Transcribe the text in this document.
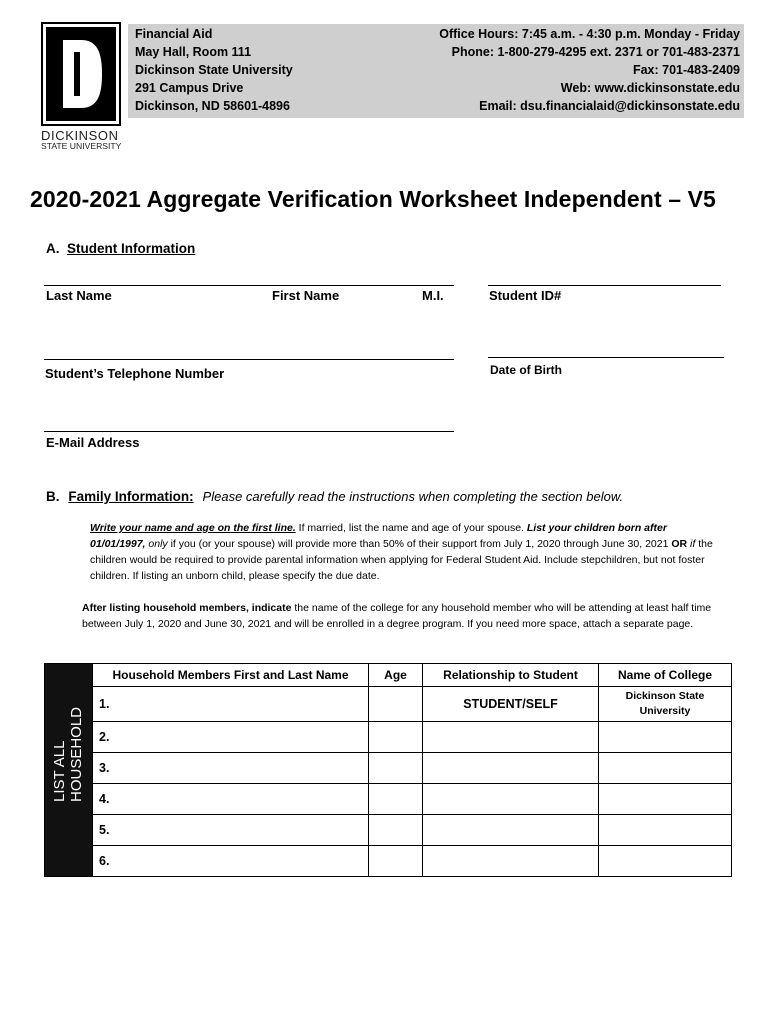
DICKINSON
STATE UNIVERSITY
Financial Aid
May Hall, Room 111
Dickinson State University
291 Campus Drive
Dickinson, ND 58601-4896
Office Hours: 7:45 a.m. - 4:30 p.m. Monday - Friday
Phone: 1-800-279-4295 ext. 2371 or 701-483-2371
Fax: 701-483-2409
Web: www.dickinsonstate.edu
Email: dsu.financialaid@dickinsonstate.edu
2020-2021 Aggregate Verification Worksheet Independent – V5
A. Student Information
Last Name	First Name	M.I.	Student ID#
Student’s Telephone Number	Date of Birth
E-Mail Address
B. Family Information: Please carefully read the instructions when completing the section below.
Write your name and age on the first line. If married, list the name and age of your spouse. List your children born after 01/01/1997, only if you (or your spouse) will provide more than 50% of their support from July 1, 2020 through June 30, 2021 OR if the children would be required to provide parental information when applying for Federal Student Aid. Include stepchildren, but not foster children. If listing an unborn child, please specify the due date.
After listing household members, indicate the name of the college for any household member who will be attending at least half time between July 1, 2020 and June 30, 2021 and will be enrolled in a degree program. If you need more space, attach a separate page.
LIST ALL HOUSEHOLD	Household Members First and Last Name	Age	Relationship to Student	Name of College
	1.		STUDENT/SELF	Dickinson State University
	2.			
	3.			
	4.			
	5.			
	6.			
